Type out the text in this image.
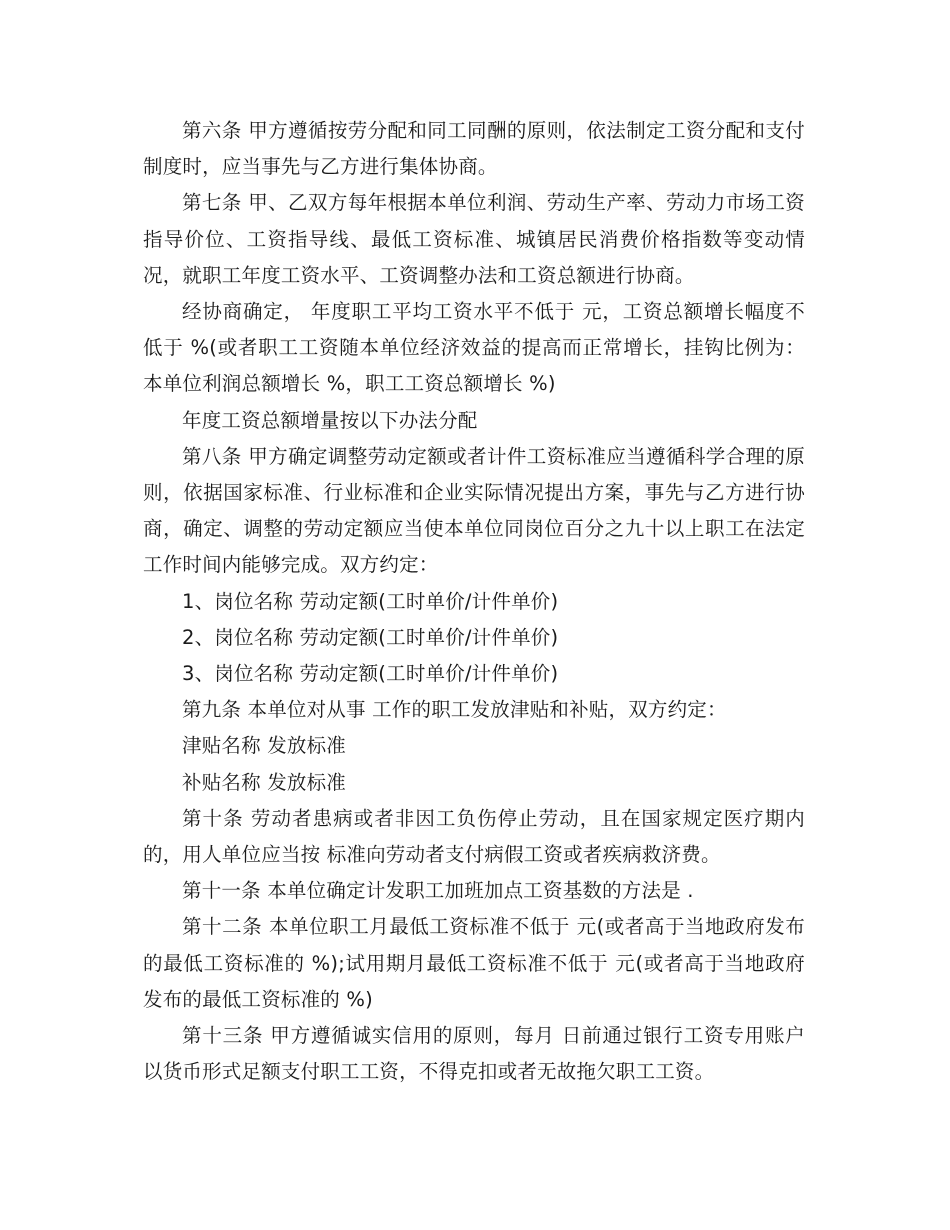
第六条 甲方遵循按劳分配和同工同酬的原则，依法制定工资分配和支付制度时，应当事先与乙方进行集体协商。

第七条 甲、乙双方每年根据本单位利润、劳动生产率、劳动力市场工资指导价位、工资指导线、最低工资标准、城镇居民消费价格指数等变动情况，就职工年度工资水平、工资调整办法和工资总额进行协商。

经协商确定， 年度职工平均工资水平不低于 元，工资总额增长幅度不低于 %(或者职工工资随本单位经济效益的提高而正常增长，挂钩比例为：本单位利润总额增长 %，职工工资总额增长 %)

年度工资总额增量按以下办法分配

第八条 甲方确定调整劳动定额或者计件工资标准应当遵循科学合理的原则，依据国家标准、行业标准和企业实际情况提出方案，事先与乙方进行协商，确定、调整的劳动定额应当使本单位同岗位百分之九十以上职工在法定工作时间内能够完成。双方约定：

1、岗位名称 劳动定额(工时单价/计件单价)

2、岗位名称 劳动定额(工时单价/计件单价)

3、岗位名称 劳动定额(工时单价/计件单价)

第九条 本单位对从事 工作的职工发放津贴和补贴，双方约定：

津贴名称 发放标准

补贴名称 发放标准

第十条 劳动者患病或者非因工负伤停止劳动，且在国家规定医疗期内的，用人单位应当按 标准向劳动者支付病假工资或者疾病救济费。

第十一条 本单位确定计发职工加班加点工资基数的方法是 .

第十二条 本单位职工月最低工资标准不低于 元(或者高于当地政府发布的最低工资标准的 %);试用期月最低工资标准不低于 元(或者高于当地政府发布的最低工资标准的 %)

第十三条 甲方遵循诚实信用的原则，每月 日前通过银行工资专用账户以货币形式足额支付职工工资，不得克扣或者无故拖欠职工工资。
